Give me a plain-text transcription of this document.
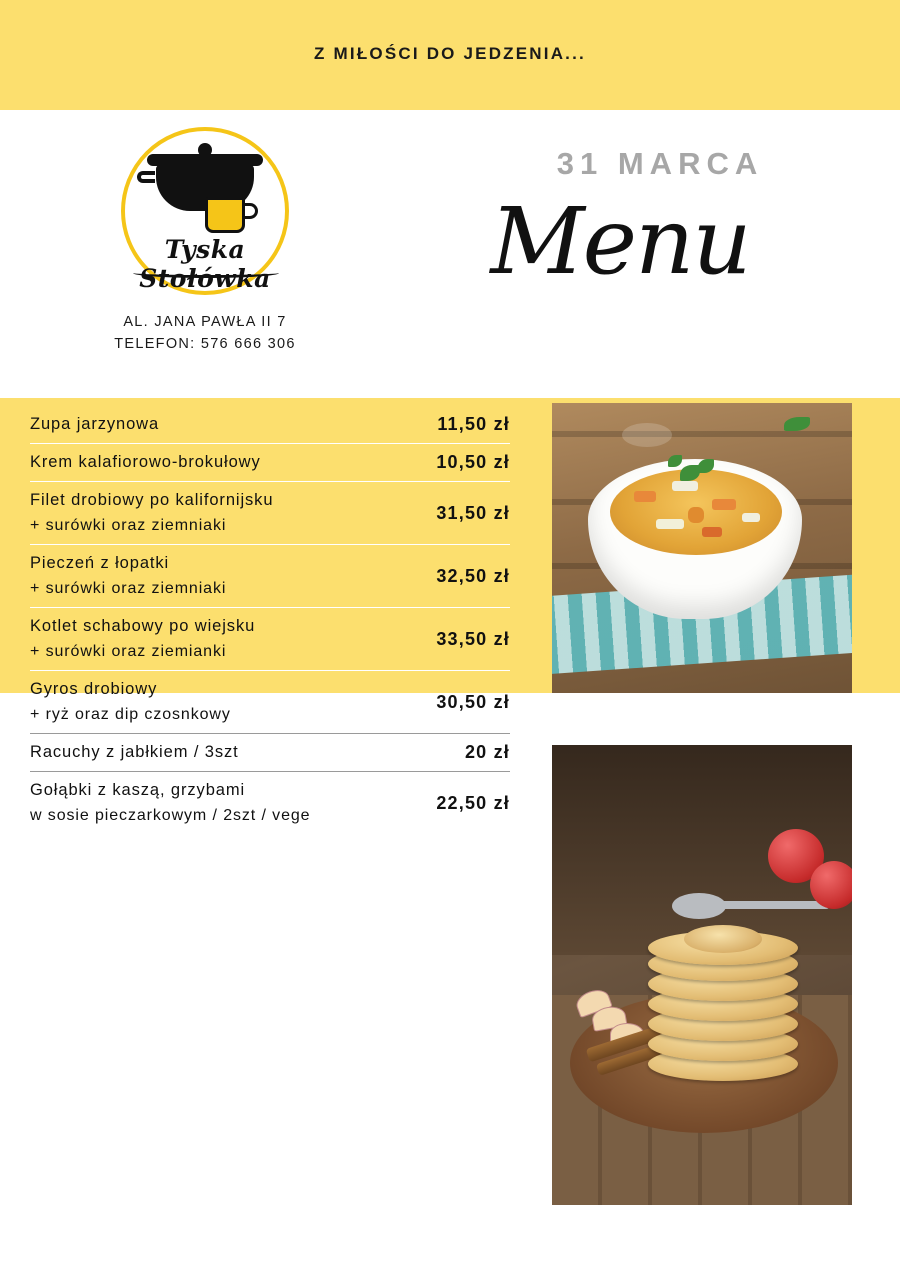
Z MIŁOŚCI DO JEDZENIA...
Tyska Stołówka
AL. JANA PAWŁA II 7
TELEFON: 576 666 306
31 MARCA
Menu
Zupa jarzynowa	11,50 zł
Krem kalafiorowo-brokułowy	10,50 zł
Filet drobiowy po kalifornijsku
+ surówki oraz ziemniaki
31,50 zł
Pieczeń z łopatki
+ surówki oraz ziemniaki
32,50 zł
Kotlet schabowy po wiejsku
+ surówki oraz ziemianki
33,50 zł
Gyros drobiowy
+ ryż oraz dip czosnkowy
30,50 zł
Racuchy z jabłkiem / 3szt	20 zł
Gołąbki z kaszą, grzybami
w sosie pieczarkowym / 2szt / vege
22,50 zł
